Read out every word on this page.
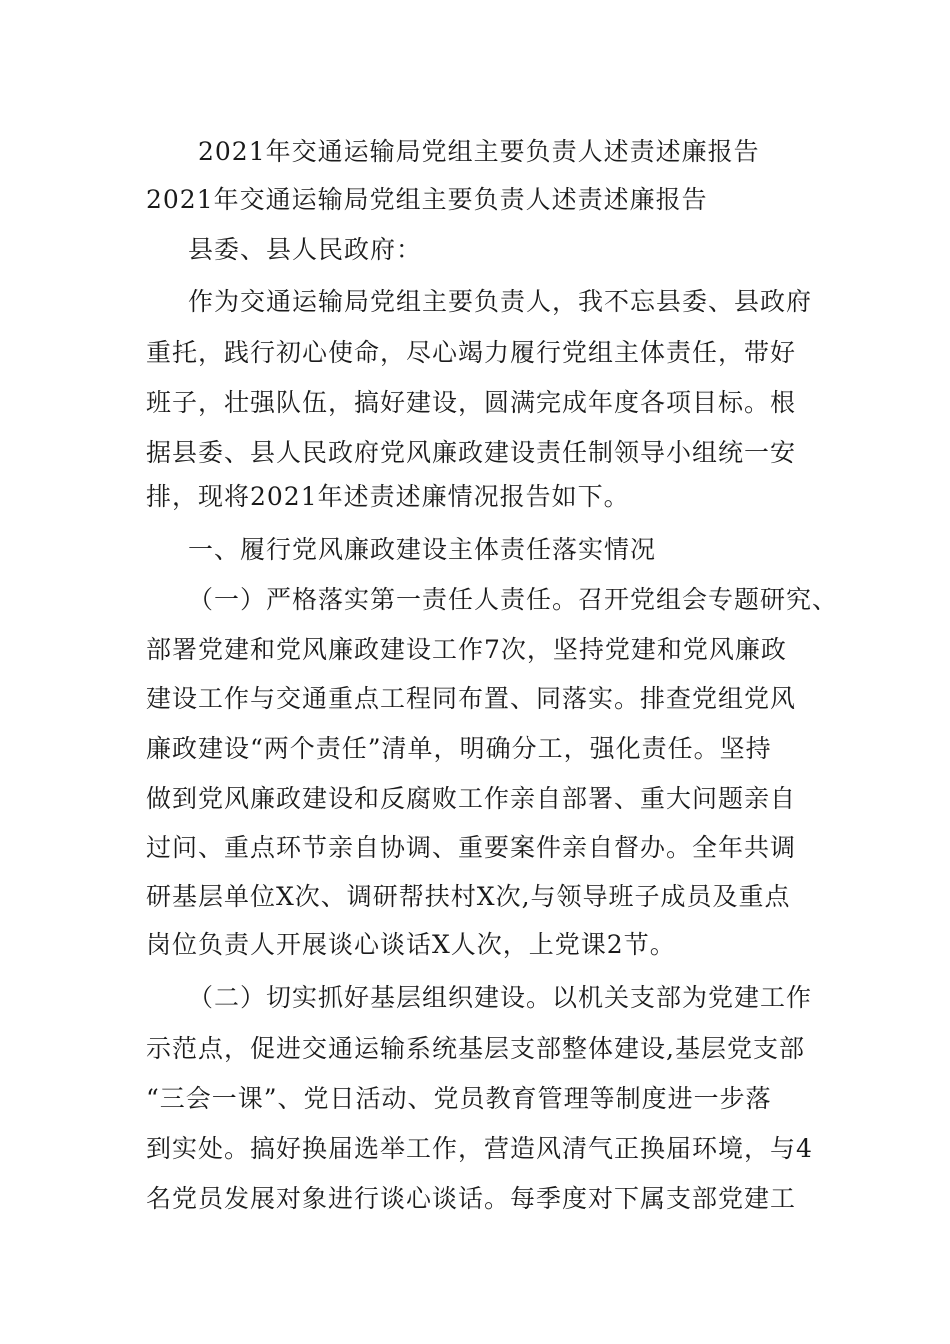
2021年交通运输局党组主要负责人述责述廉报告
2021年交通运输局党组主要负责人述责述廉报告
县委、县人民政府：
作为交通运输局党组主要负责人，我不忘县委、县政府
重托，践行初心使命，尽心竭力履行党组主体责任，带好
班子，壮强队伍，搞好建设，圆满完成年度各项目标。根
据县委、县人民政府党风廉政建设责任制领导小组统一安
排，现将2021年述责述廉情况报告如下。
一、履行党风廉政建设主体责任落实情况
（一）严格落实第一责任人责任。召开党组会专题研究、
部署党建和党风廉政建设工作7次，坚持党建和党风廉政
建设工作与交通重点工程同布置、同落实。排查党组党风
廉政建设“两个责任”清单，明确分工，强化责任。坚持
做到党风廉政建设和反腐败工作亲自部署、重大问题亲自
过问、重点环节亲自协调、重要案件亲自督办。全年共调
研基层单位X次、调研帮扶村X次,与领导班子成员及重点
岗位负责人开展谈心谈话X人次，上党课2节。
（二）切实抓好基层组织建设。以机关支部为党建工作
示范点，促进交通运输系统基层支部整体建设,基层党支部
“三会一课”、党日活动、党员教育管理等制度进一步落
到实处。搞好换届选举工作，营造风清气正换届环境，与4
名党员发展对象进行谈心谈话。每季度对下属支部党建工
